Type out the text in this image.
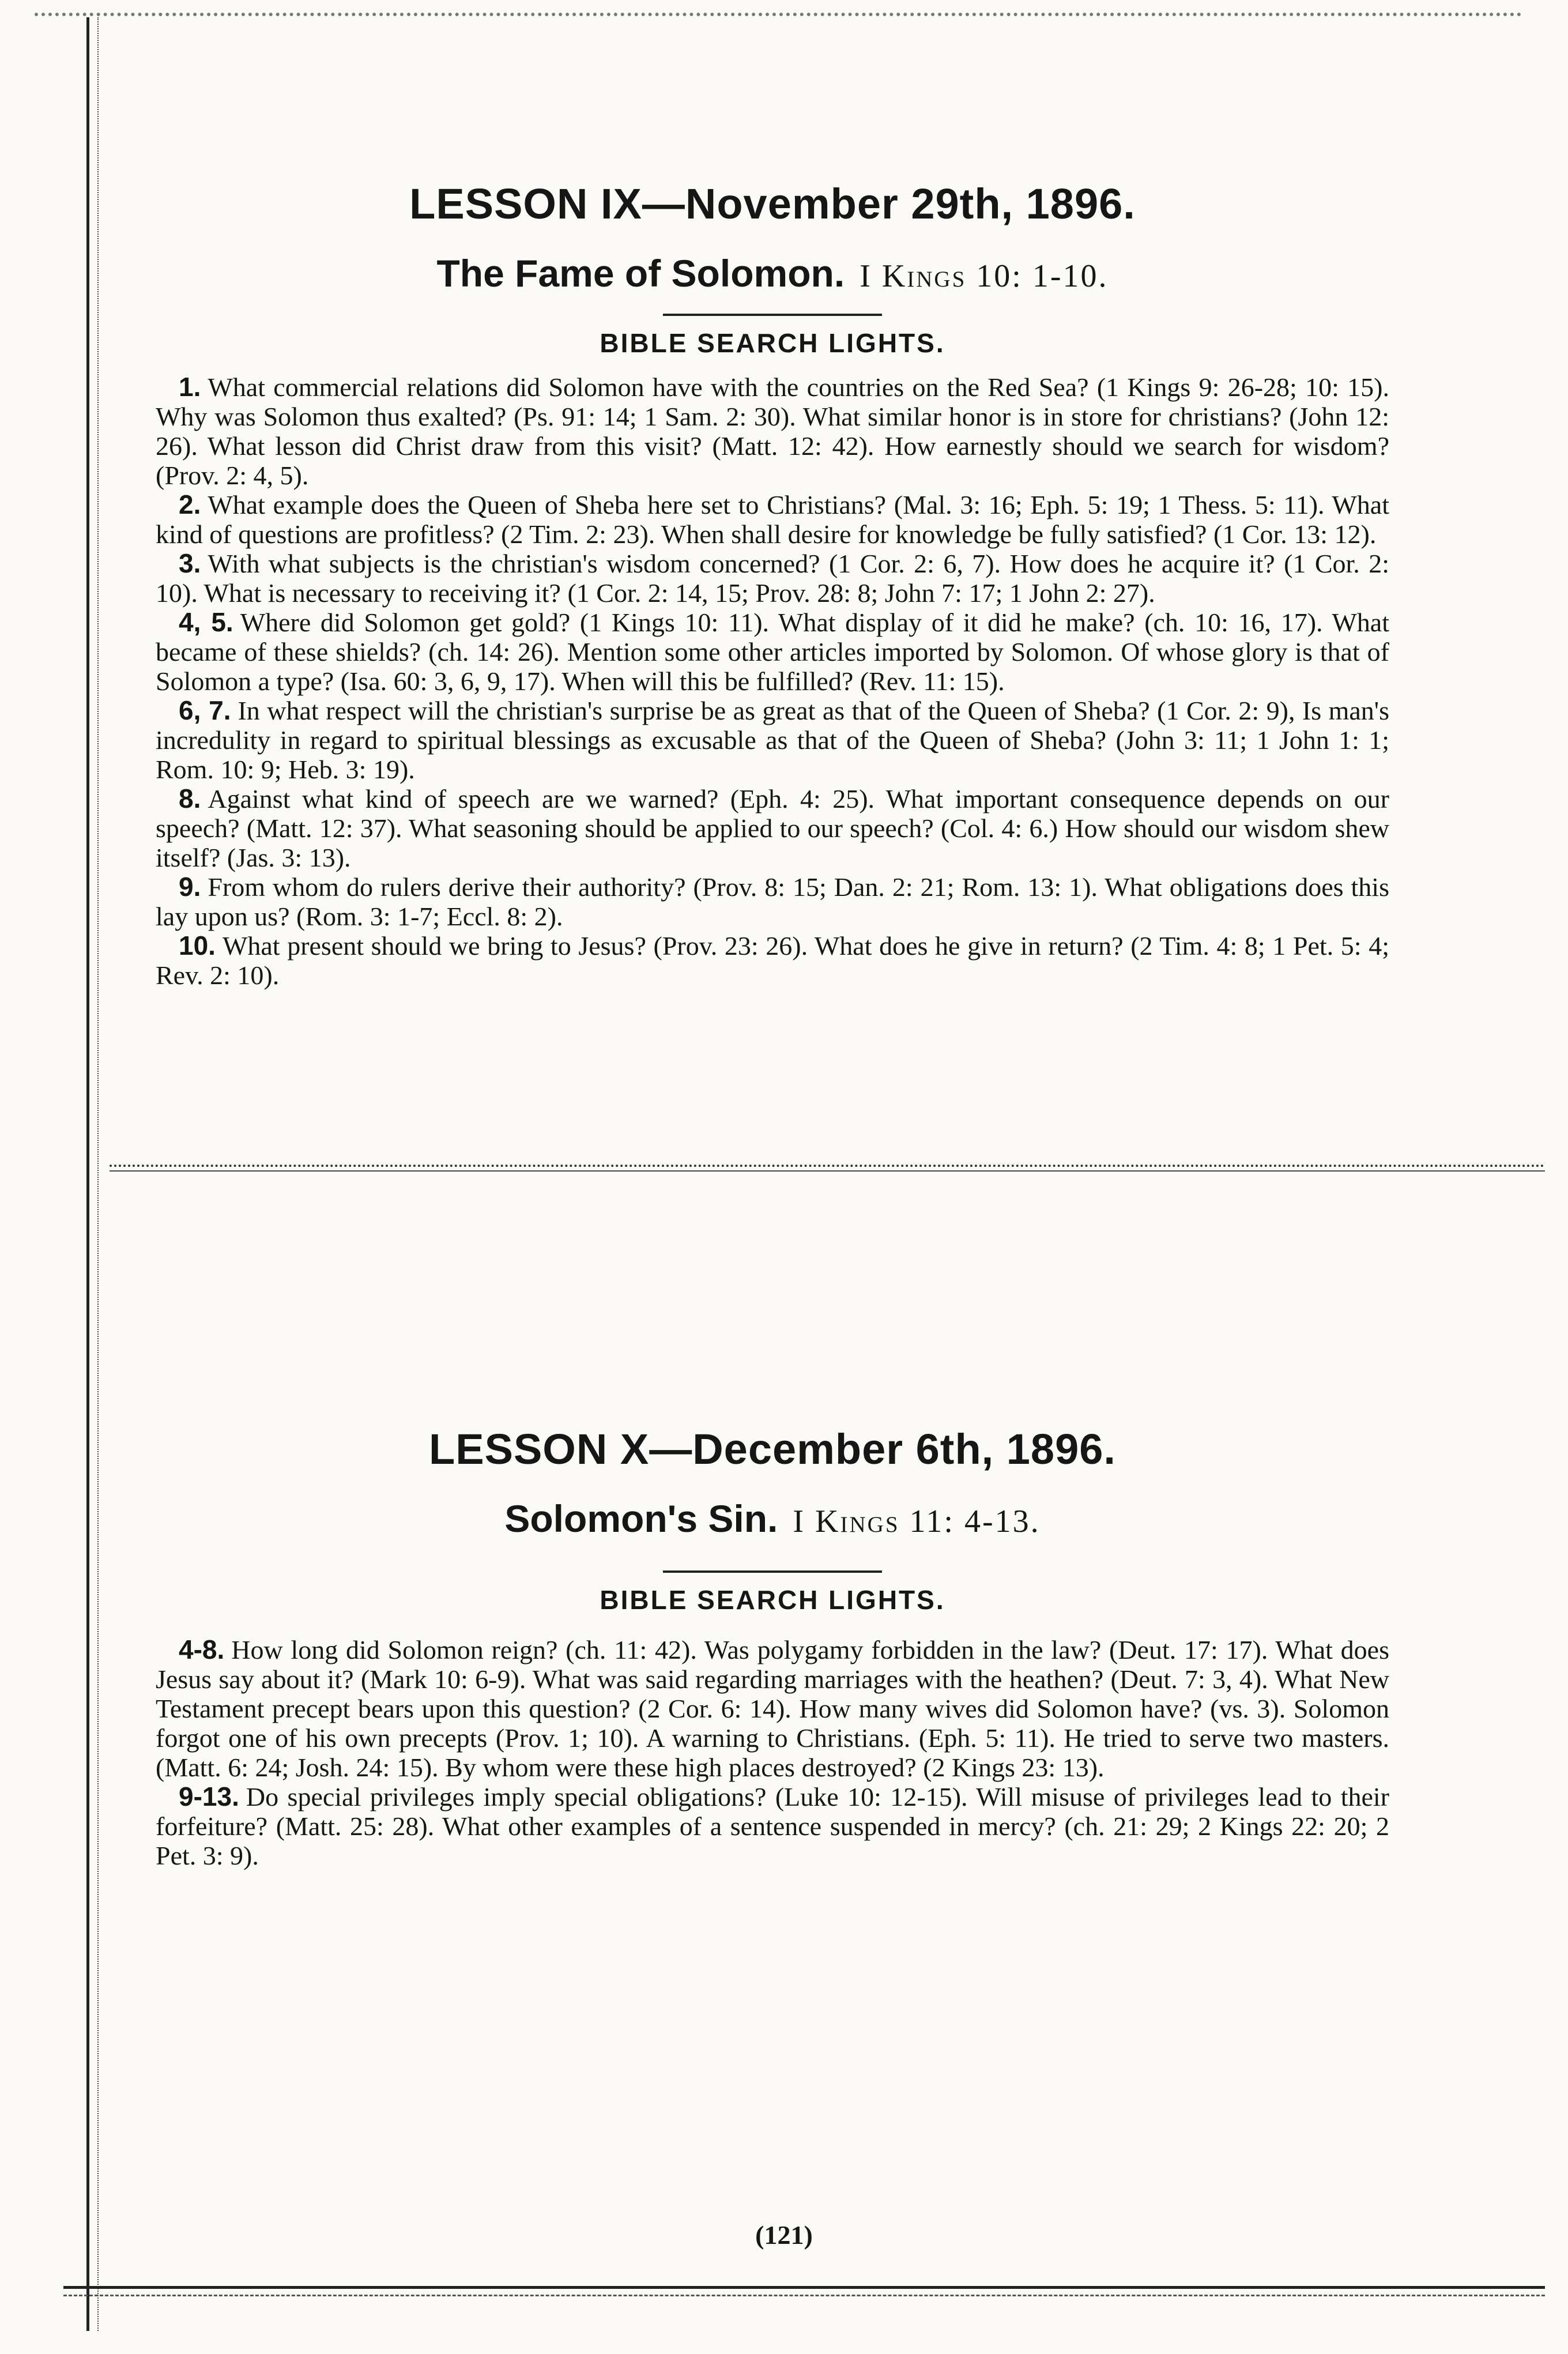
LESSON IX—November 29th, 1896.
The Fame of Solomon. I Kings 10: 1-10.
BIBLE SEARCH LIGHTS.

1. What commercial relations did Solomon have with the countries on the Red Sea? (1 Kings 9: 26-28; 10: 15). Why was Solomon thus exalted? (Ps. 91: 14; 1 Sam. 2: 30). What similar honor is in store for christians? (John 12: 26). What lesson did Christ draw from this visit? (Matt. 12: 42). How earnestly should we search for wisdom? (Prov. 2: 4, 5).

2. What example does the Queen of Sheba here set to Christians? (Mal. 3: 16; Eph. 5: 19; 1 Thess. 5: 11). What kind of questions are profitless? (2 Tim. 2: 23). When shall desire for knowledge be fully satisfied? (1 Cor. 13: 12).

3. With what subjects is the christian's wisdom concerned? (1 Cor. 2: 6, 7). How does he acquire it? (1 Cor. 2: 10). What is necessary to receiving it? (1 Cor. 2: 14, 15; Prov. 28: 8; John 7: 17; 1 John 2: 27).

4, 5. Where did Solomon get gold? (1 Kings 10: 11). What display of it did he make? (ch. 10: 16, 17). What became of these shields? (ch. 14: 26). Mention some other articles imported by Solomon. Of whose glory is that of Solomon a type? (Isa. 60: 3, 6, 9, 17). When will this be fulfilled? (Rev. 11: 15).

6, 7. In what respect will the christian's surprise be as great as that of the Queen of Sheba? (1 Cor. 2: 9), Is man's incredulity in regard to spiritual blessings as excusable as that of the Queen of Sheba? (John 3: 11; 1 John 1: 1; Rom. 10: 9; Heb. 3: 19).

8. Against what kind of speech are we warned? (Eph. 4: 25). What important consequence depends on our speech? (Matt. 12: 37). What seasoning should be applied to our speech? (Col. 4: 6.) How should our wisdom shew itself? (Jas. 3: 13).

9. From whom do rulers derive their authority? (Prov. 8: 15; Dan. 2: 21; Rom. 13: 1). What obligations does this lay upon us? (Rom. 3: 1-7; Eccl. 8: 2).

10. What present should we bring to Jesus? (Prov. 23: 26). What does he give in return? (2 Tim. 4: 8; 1 Pet. 5: 4; Rev. 2: 10).

LESSON X—December 6th, 1896.
Solomon's Sin. I Kings 11: 4-13.
BIBLE SEARCH LIGHTS.

4-8. How long did Solomon reign? (ch. 11: 42). Was polygamy forbidden in the law? (Deut. 17: 17). What does Jesus say about it? (Mark 10: 6-9). What was said regarding marriages with the heathen? (Deut. 7: 3, 4). What New Testament precept bears upon this question? (2 Cor. 6: 14). How many wives did Solomon have? (vs. 3). Solomon forgot one of his own precepts (Prov. 1; 10). A warning to Christians. (Eph. 5: 11). He tried to serve two masters. (Matt. 6: 24; Josh. 24: 15). By whom were these high places destroyed? (2 Kings 23: 13).

9-13. Do special privileges imply special obligations? (Luke 10: 12-15). Will misuse of privileges lead to their forfeiture? (Matt. 25: 28). What other examples of a sentence suspended in mercy? (ch. 21: 29; 2 Kings 22: 20; 2 Pet. 3: 9).

(121)
